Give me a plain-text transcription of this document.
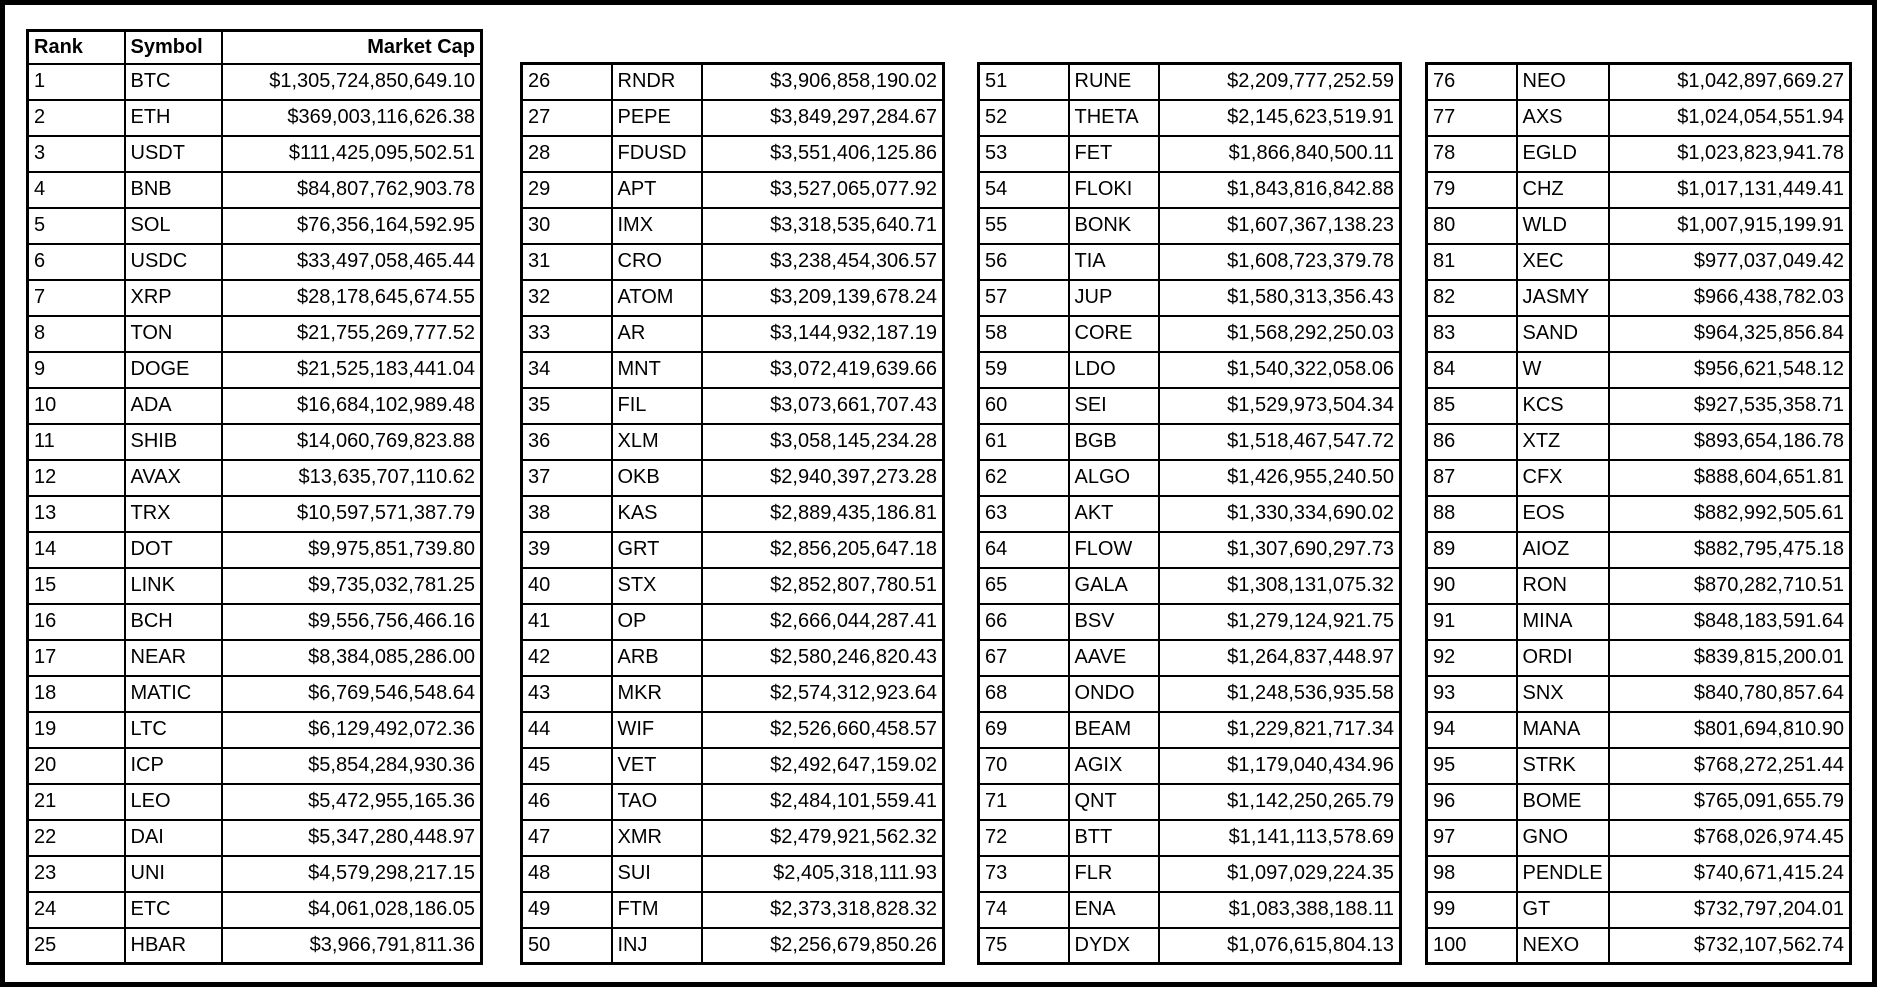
Rank	Symbol	Market Cap
1	BTC	$1,305,724,850,649.10
2	ETH	$369,003,116,626.38
3	USDT	$111,425,095,502.51
4	BNB	$84,807,762,903.78
5	SOL	$76,356,164,592.95
6	USDC	$33,497,058,465.44
7	XRP	$28,178,645,674.55
8	TON	$21,755,269,777.52
9	DOGE	$21,525,183,441.04
10	ADA	$16,684,102,989.48
11	SHIB	$14,060,769,823.88
12	AVAX	$13,635,707,110.62
13	TRX	$10,597,571,387.79
14	DOT	$9,975,851,739.80
15	LINK	$9,735,032,781.25
16	BCH	$9,556,756,466.16
17	NEAR	$8,384,085,286.00
18	MATIC	$6,769,546,548.64
19	LTC	$6,129,492,072.36
20	ICP	$5,854,284,930.36
21	LEO	$5,472,955,165.36
22	DAI	$5,347,280,448.97
23	UNI	$4,579,298,217.15
24	ETC	$4,061,028,186.05
25	HBAR	$3,966,791,811.36
26	RNDR	$3,906,858,190.02
27	PEPE	$3,849,297,284.67
28	FDUSD	$3,551,406,125.86
29	APT	$3,527,065,077.92
30	IMX	$3,318,535,640.71
31	CRO	$3,238,454,306.57
32	ATOM	$3,209,139,678.24
33	AR	$3,144,932,187.19
34	MNT	$3,072,419,639.66
35	FIL	$3,073,661,707.43
36	XLM	$3,058,145,234.28
37	OKB	$2,940,397,273.28
38	KAS	$2,889,435,186.81
39	GRT	$2,856,205,647.18
40	STX	$2,852,807,780.51
41	OP	$2,666,044,287.41
42	ARB	$2,580,246,820.43
43	MKR	$2,574,312,923.64
44	WIF	$2,526,660,458.57
45	VET	$2,492,647,159.02
46	TAO	$2,484,101,559.41
47	XMR	$2,479,921,562.32
48	SUI	$2,405,318,111.93
49	FTM	$2,373,318,828.32
50	INJ	$2,256,679,850.26
51	RUNE	$2,209,777,252.59
52	THETA	$2,145,623,519.91
53	FET	$1,866,840,500.11
54	FLOKI	$1,843,816,842.88
55	BONK	$1,607,367,138.23
56	TIA	$1,608,723,379.78
57	JUP	$1,580,313,356.43
58	CORE	$1,568,292,250.03
59	LDO	$1,540,322,058.06
60	SEI	$1,529,973,504.34
61	BGB	$1,518,467,547.72
62	ALGO	$1,426,955,240.50
63	AKT	$1,330,334,690.02
64	FLOW	$1,307,690,297.73
65	GALA	$1,308,131,075.32
66	BSV	$1,279,124,921.75
67	AAVE	$1,264,837,448.97
68	ONDO	$1,248,536,935.58
69	BEAM	$1,229,821,717.34
70	AGIX	$1,179,040,434.96
71	QNT	$1,142,250,265.79
72	BTT	$1,141,113,578.69
73	FLR	$1,097,029,224.35
74	ENA	$1,083,388,188.11
75	DYDX	$1,076,615,804.13
76	NEO	$1,042,897,669.27
77	AXS	$1,024,054,551.94
78	EGLD	$1,023,823,941.78
79	CHZ	$1,017,131,449.41
80	WLD	$1,007,915,199.91
81	XEC	$977,037,049.42
82	JASMY	$966,438,782.03
83	SAND	$964,325,856.84
84	W	$956,621,548.12
85	KCS	$927,535,358.71
86	XTZ	$893,654,186.78
87	CFX	$888,604,651.81
88	EOS	$882,992,505.61
89	AIOZ	$882,795,475.18
90	RON	$870,282,710.51
91	MINA	$848,183,591.64
92	ORDI	$839,815,200.01
93	SNX	$840,780,857.64
94	MANA	$801,694,810.90
95	STRK	$768,272,251.44
96	BOME	$765,091,655.79
97	GNO	$768,026,974.45
98	PENDLE	$740,671,415.24
99	GT	$732,797,204.01
100	NEXO	$732,107,562.74
